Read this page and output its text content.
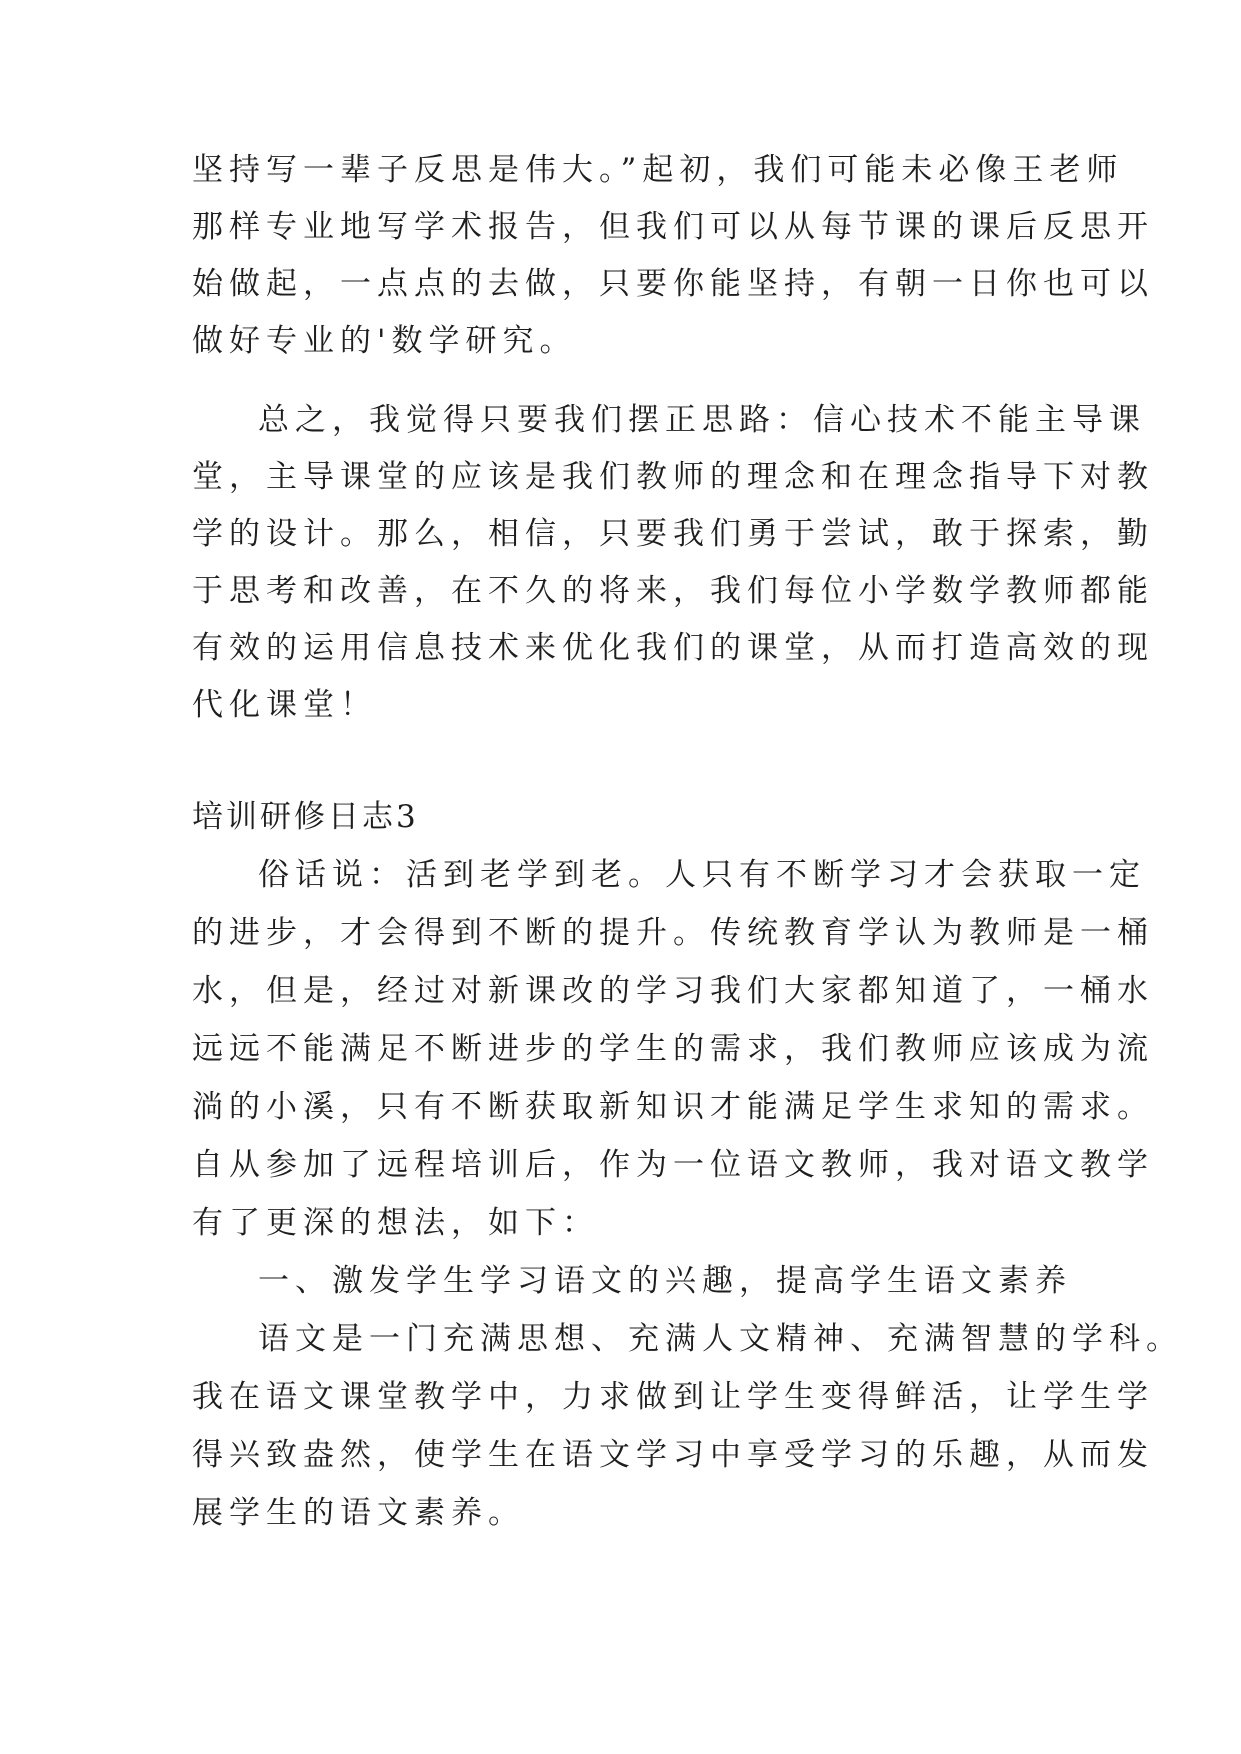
坚持写一辈子反思是伟大。”起初，我们可能未必像王老师
那样专业地写学术报告，但我们可以从每节课的课后反思开
始做起，一点点的去做，只要你能坚持，有朝一日你也可以
做好专业的'数学研究。
总之，我觉得只要我们摆正思路：信心技术不能主导课
堂，主导课堂的应该是我们教师的理念和在理念指导下对教
学的设计。那么，相信，只要我们勇于尝试，敢于探索，勤
于思考和改善，在不久的将来，我们每位小学数学教师都能
有效的运用信息技术来优化我们的课堂，从而打造高效的现
代化课堂！
培训研修日志3
俗话说：活到老学到老。人只有不断学习才会获取一定
的进步，才会得到不断的提升。传统教育学认为教师是一桶
水，但是，经过对新课改的学习我们大家都知道了，一桶水
远远不能满足不断进步的学生的需求，我们教师应该成为流
淌的小溪，只有不断获取新知识才能满足学生求知的需求。
自从参加了远程培训后，作为一位语文教师，我对语文教学
有了更深的想法，如下：
一、激发学生学习语文的兴趣，提高学生语文素养
语文是一门充满思想、充满人文精神、充满智慧的学科。
我在语文课堂教学中，力求做到让学生变得鲜活，让学生学
得兴致盎然，使学生在语文学习中享受学习的乐趣，从而发
展学生的语文素养。
